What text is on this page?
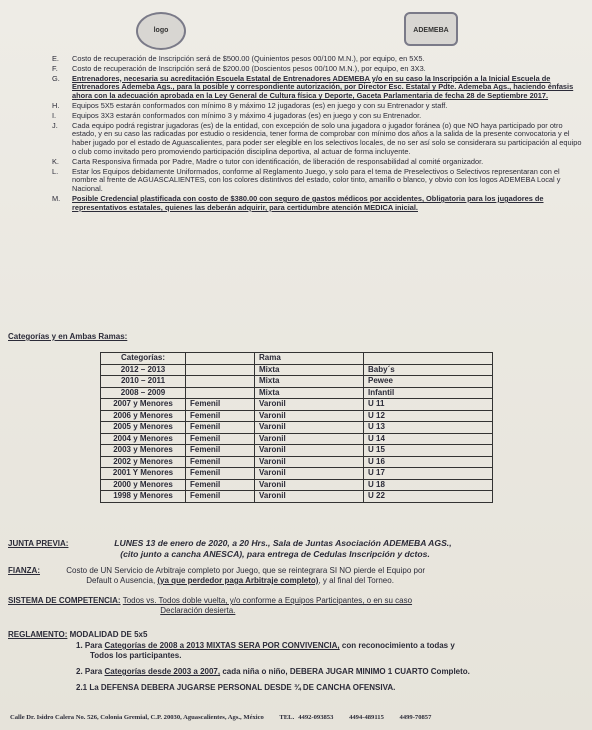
logo	ADEMEBA
E.	Costo de recuperación de Inscripción será de $500.00 (Quinientos pesos 00/100 M.N.), por equipo, en 5X5.
F.	Costo de recuperación de Inscripción será de $200.00 (Doscientos pesos 00/100 M.N.), por equipo, en 3X3.
G.	Entrenadores, necesaria su acreditación Escuela Estatal de Entrenadores ADEMEBA y/o en su caso la Inscripción a la Inicial Escuela de Entrenadores Ademeba Ags., para la posible y correspondiente autorización, por Director Esc. Estatal y Pdte. Ademeba Ags., haciendo énfasis ahora con la adecuación aprobada en la Ley General de Cultura física y Deporte, Gaceta Parlamentaria de fecha 28 de Septiembre 2017.
H.	Equipos 5X5 estarán conformados con mínimo 8 y máximo 12 jugadoras (es) en juego y con su Entrenador y staff.
I.	Equipos 3X3 estarán conformados con mínimo 3 y máximo 4 jugadoras (es) en juego y con su Entrenador.
J.	Cada equipo podrá registrar jugadoras (es) de la entidad, con excepción de solo una jugadora o jugador foránea (o) que NO haya participado por otro estado, y en su caso las radicadas por estudio o residencia, tener forma de comprobar con mínimo dos años a la salida de la presente convocatoria y el haber jugado por el estado de Aguascalientes, para poder ser elegible en los selectivos locales, de no ser así solo se considerara su participación al equipo o club como invitado pero promoviendo participación disciplina deportiva, al actuar de forma incluyente.
K.	Carta Responsiva firmada por Padre, Madre o tutor con identificación, de liberación de responsabilidad al comité organizador.
L.	Estar los Equipos debidamente Uniformados, conforme al Reglamento Juego, y solo para el tema de Preselectivos o Selectivos representaran con el nombre al frente de AGUASCALIENTES, con los colores distintivos del estado, color tinto, amarillo o blanco, y obvio con los logos ADEMEBA Local y Nacional.
M.	Posible Credencial plastificada con costo de $380.00 con seguro de gastos médicos por accidentes, Obligatoria para los jugadores de representativos estatales, quienes las deberán adquirir, para certidumbre atención MEDICA inicial.
Categorías y en Ambas Ramas:
Categorías:		Rama	
2012 – 2013		Mixta	Baby´s
2010 – 2011		Mixta	Pewee
2008 – 2009		Mixta	Infantil
2007 y Menores	Femenil	Varonil	U 11
2006 y Menores	Femenil	Varonil	U 12
2005 y Menores	Femenil	Varonil	U 13
2004 y Menores	Femenil	Varonil	U 14
2003 y Menores	Femenil	Varonil	U 15
2002 y Menores	Femenil	Varonil	U 16
2001 Y Menores	Femenil	Varonil	U 17
2000 y Menores	Femenil	Varonil	U 18
1998 y Menores	Femenil	Varonil	U 22
JUNTA PREVIA:	LUNES 13 de enero de 2020, a 20 Hrs., Sala de Juntas Asociación ADEMEBA AGS.,
(cito junto a cancha ANESCA), para entrega de Cedulas Inscripción y dctos.
FIANZA:	Costo de UN Servicio de Arbitraje completo por Juego, que se reintegrara SI NO pierde el Equipo por
Default o Ausencia, (ya que perdedor paga Arbitraje completo), y al final del Torneo.
SISTEMA DE COMPETENCIA: Todos vs. Todos doble vuelta, y/o conforme a Equipos Participantes, o en su caso
Declaración desierta.
REGLAMENTO: MODALIDAD DE 5x5
1. Para Categorías de 2008 a 2013 MIXTAS SERA POR CONVIVENCIA, con reconocimiento a todas y
Todos los participantes.
2. Para Categorías desde 2003 a 2007, cada niña o niño, DEBERA JUGAR MINIMO 1 CUARTO Completo.
2.1 La DEFENSA DEBERA JUGARSE PERSONAL DESDE ¾ DE CANCHA OFENSIVA.
Calle Dr. Isidro Calera No. 526, Colonia Gremial, C.P. 20030, Aguascalientes, Ags., México TEL. 4492-093853 4494-489115 4499-70857
